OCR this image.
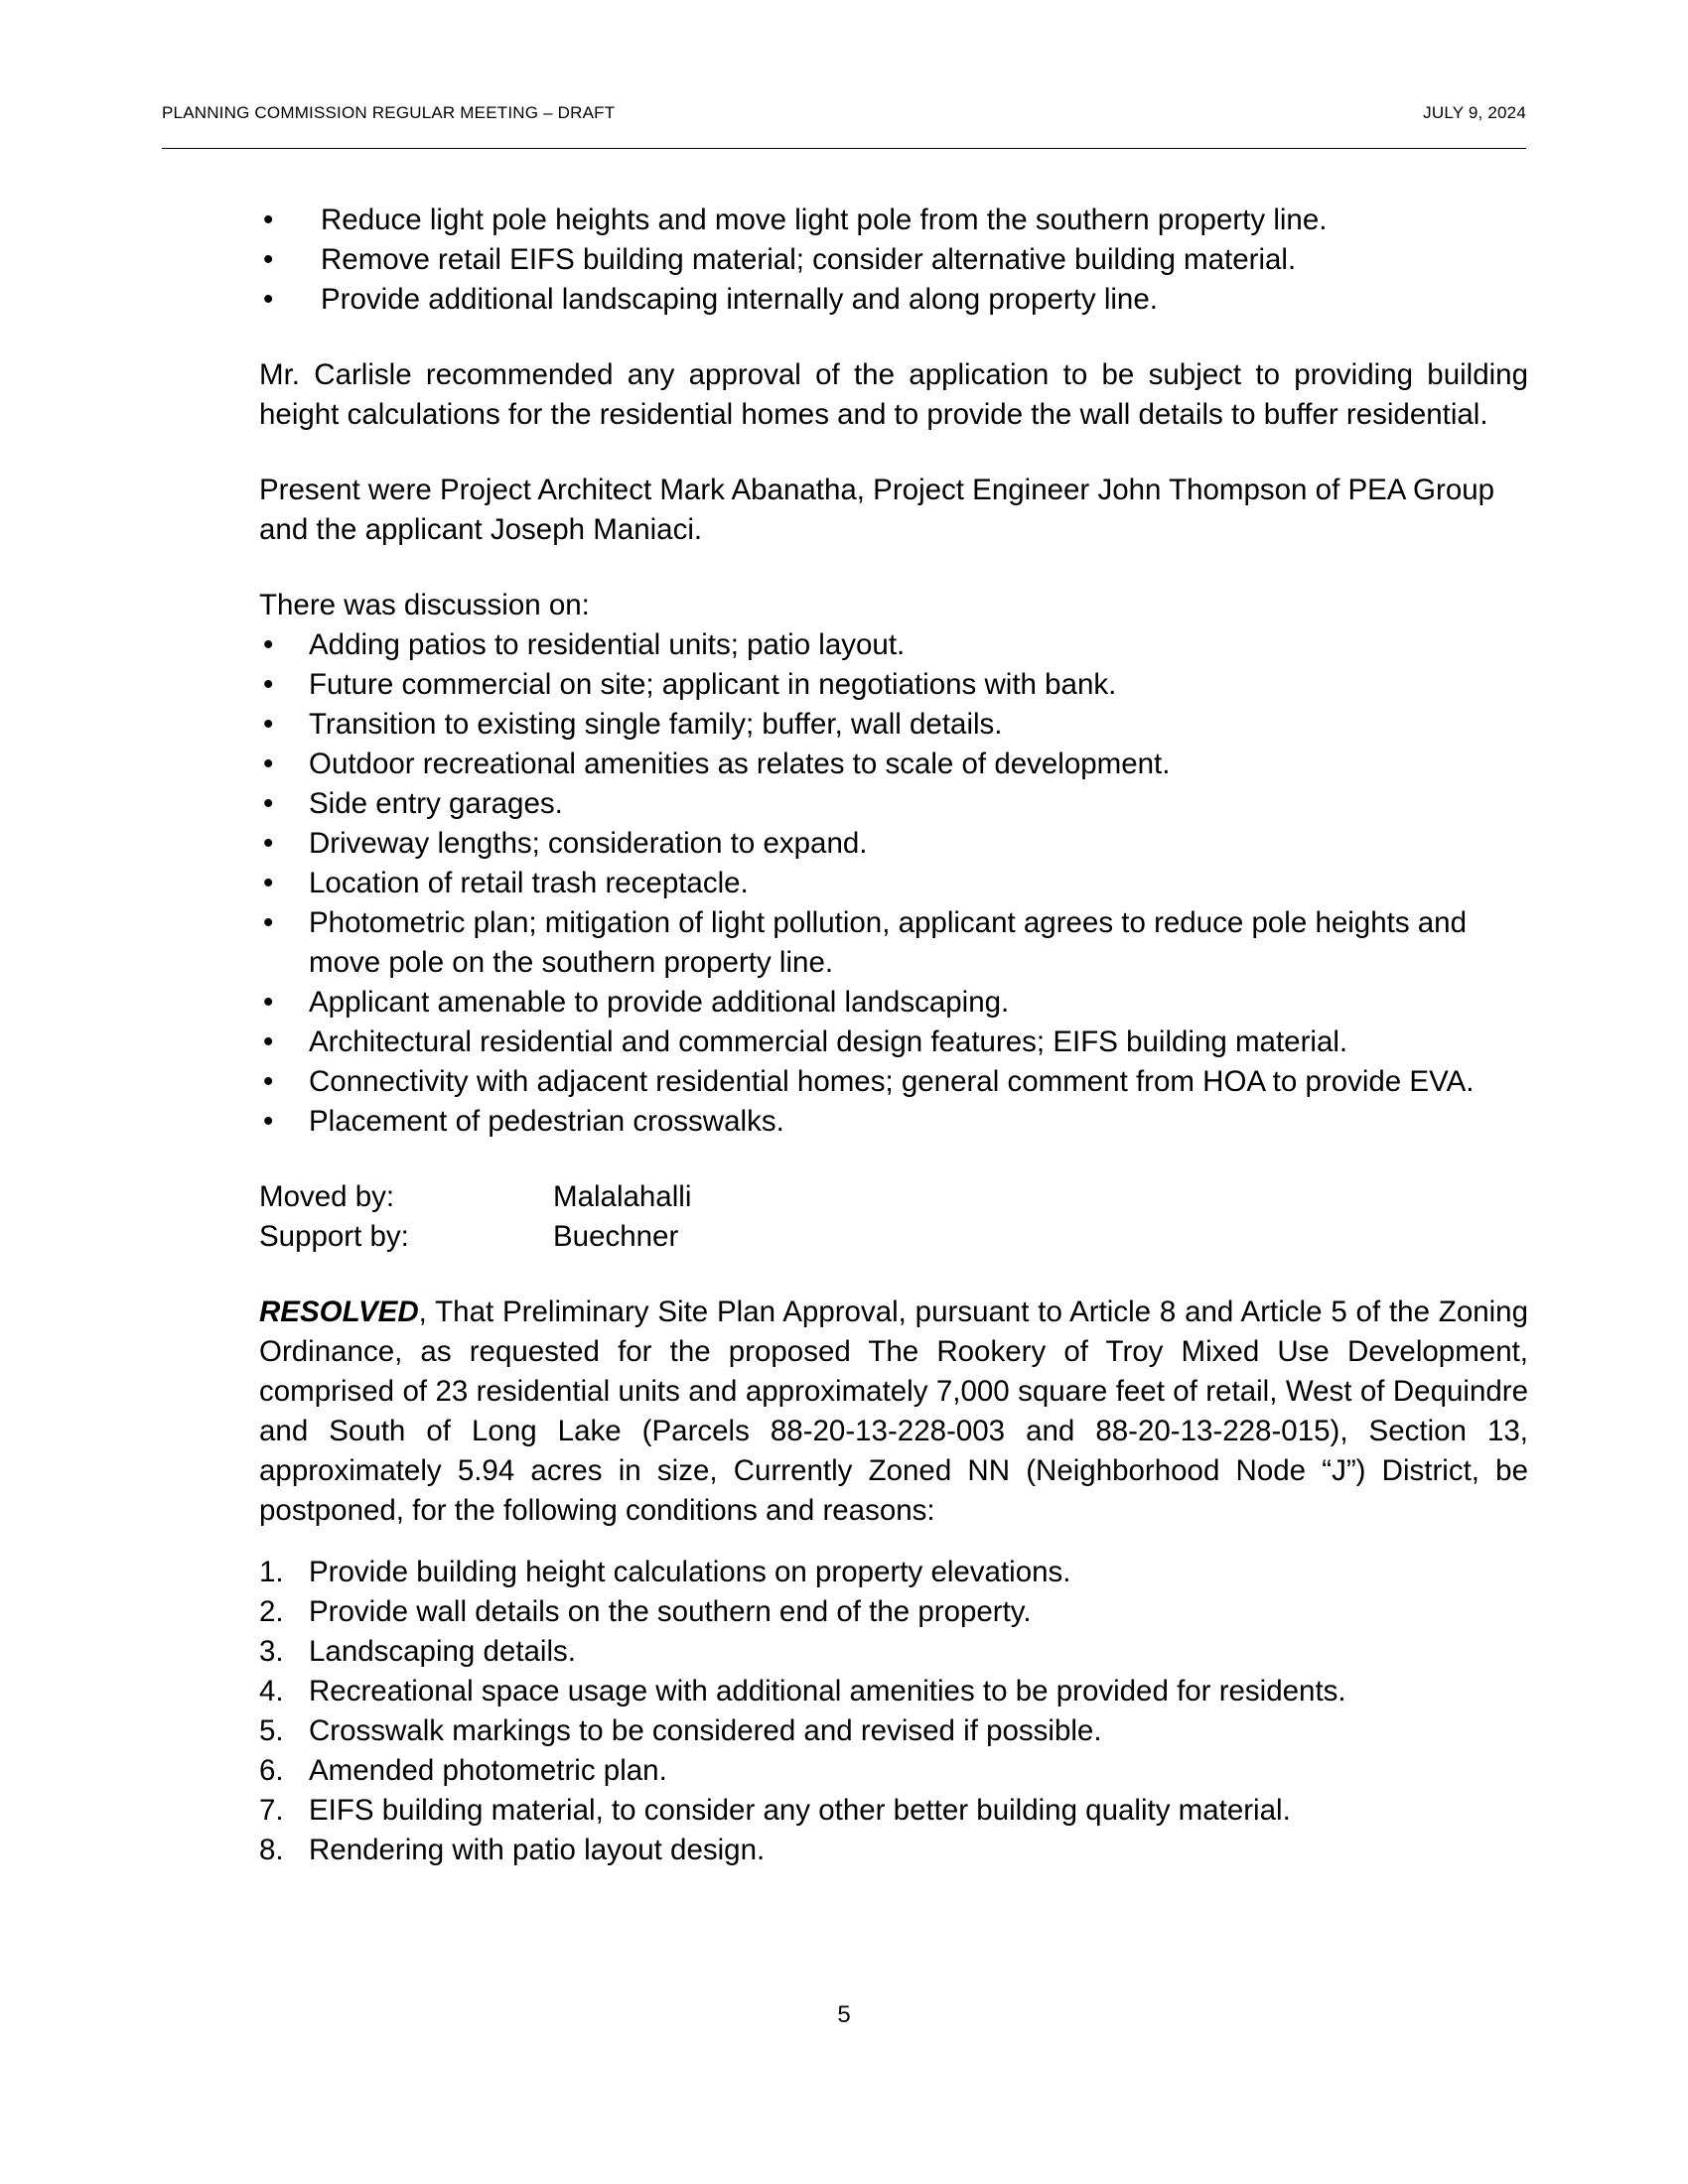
PLANNING COMMISSION REGULAR MEETING – DRAFT	JULY 9, 2024
• Reduce light pole heights and move light pole from the southern property line.
• Remove retail EIFS building material; consider alternative building material.
• Provide additional landscaping internally and along property line.

Mr. Carlisle recommended any approval of the application to be subject to providing building height calculations for the residential homes and to provide the wall details to buffer residential.

Present were Project Architect Mark Abanatha, Project Engineer John Thompson of PEA Group and the applicant Joseph Maniaci.

There was discussion on:

• Adding patios to residential units; patio layout.
• Future commercial on site; applicant in negotiations with bank.
• Transition to existing single family; buffer, wall details.
• Outdoor recreational amenities as relates to scale of development.
• Side entry garages.
• Driveway lengths; consideration to expand.
• Location of retail trash receptacle.
• Photometric plan; mitigation of light pollution, applicant agrees to reduce pole heights and move pole on the southern property line.
• Applicant amenable to provide additional landscaping.
• Architectural residential and commercial design features; EIFS building material.
• Connectivity with adjacent residential homes; general comment from HOA to provide EVA.
• Placement of pedestrian crosswalks.
Moved by:	Malalahalli
Support by:	Buechner

RESOLVED, That Preliminary Site Plan Approval, pursuant to Article 8 and Article 5 of the Zoning Ordinance, as requested for the proposed The Rookery of Troy Mixed Use Development, comprised of 23 residential units and approximately 7,000 square feet of retail, West of Dequindre and South of Long Lake (Parcels 88-20-13-228-003 and 88-20-13-228-015), Section 13, approximately 5.94 acres in size, Currently Zoned NN (Neighborhood Node “J”) District, be postponed, for the following conditions and reasons:

1. Provide building height calculations on property elevations.
2. Provide wall details on the southern end of the property.
3. Landscaping details.
4. Recreational space usage with additional amenities to be provided for residents.
5. Crosswalk markings to be considered and revised if possible.
6. Amended photometric plan.
7. EIFS building material, to consider any other better building quality material.
8. Rendering with patio layout design.
5
